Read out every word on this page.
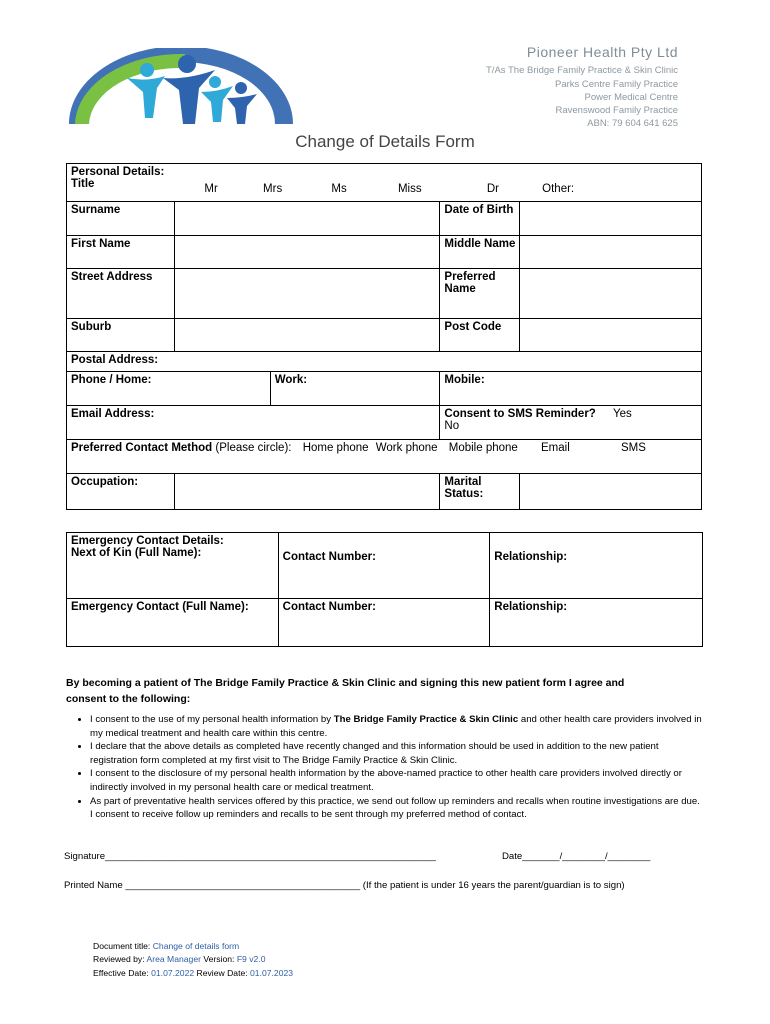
Pioneer Health Pty Ltd
T/As The Bridge Family Practice & Skin Clinic
Parks Centre Family Practice
Power Medical Centre
Ravenswood Family Practice
ABN: 79 604 641 625
Change of Details Form
Personal Details:
Title	Mr Mrs Ms Miss Dr Other:			
Surname			Date of Birth	
First Name			Middle Name	
Street Address			Preferred Name	
Suburb			Post Code	
Postal Address:				
Phone / Home:		Work:	Mobile:	
Email Address:			Consent to SMS Reminder? Yes
No	
Preferred Contact Method (Please circle): Home phone Work phone Mobile phone Email SMS				
Occupation:			Marital Status:	
Emergency Contact Details:
Next of Kin (Full Name):	Contact Number:	Relationship:
Emergency Contact (Full Name):	Contact Number:	Relationship:
By becoming a patient of The Bridge Family Practice & Skin Clinic and signing this new patient form I agree and consent to the following:
• I consent to the use of my personal health information by The Bridge Family Practice & Skin Clinic and other health care providers involved in my medical treatment and health care within this centre.
• I declare that the above details as completed have recently changed and this information should be used in addition to the new patient registration form completed at my first visit to The Bridge Family Practice & Skin Clinic.
• I consent to the disclosure of my personal health information by the above-named practice to other health care providers involved directly or indirectly involved in my personal health care or medical treatment.
• As part of preventative health services offered by this practice, we send out follow up reminders and recalls when routine investigations are due. I consent to receive follow up reminders and recalls to be sent through my preferred method of contact.
Signature______________________________________________________________	Date_______/________/________
Printed Name ____________________________________________ (If the patient is under 16 years the parent/guardian is to sign)
Document title: Change of details form
Reviewed by: Area Manager Version: F9 v2.0
Effective Date: 01.07.2022 Review Date: 01.07.2023
